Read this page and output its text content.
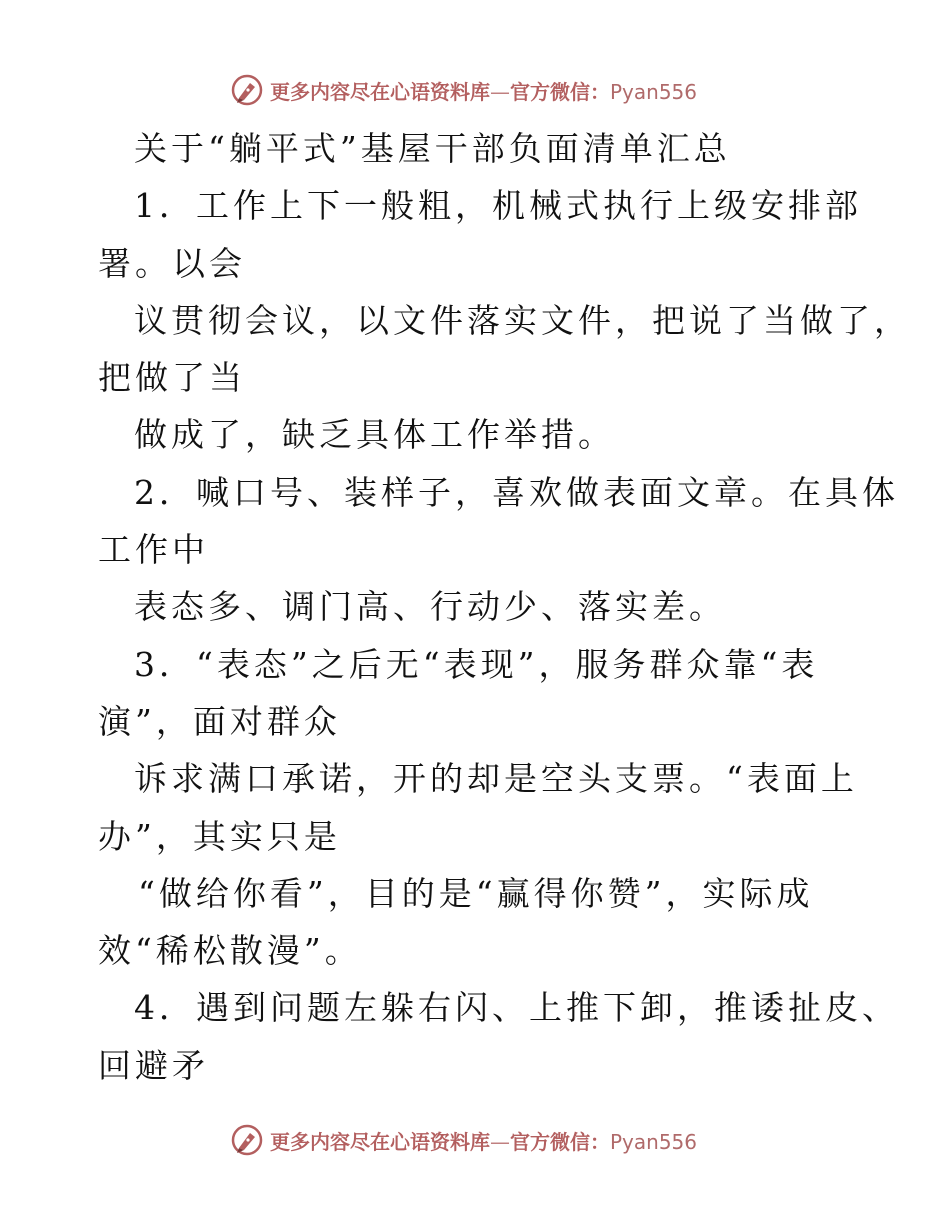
更多内容尽在心语资料库—官方微信：Pyan556
关于“躺平式”基屋干部负面清单汇总
1．工作上下一般粗，机械式执行上级安排部
署。以会
议贯彻会议，以文件落实文件，把说了当做了，
把做了当
做成了，缺乏具体工作举措。
2．喊口号、装样子，喜欢做表面文章。在具体
工作中
表态多、调门高、行动少、落实差。
3．“表态”之后无“表现”，服务群众靠“表
演”，面对群众
诉求满口承诺，开的却是空头支票。“表面上
办”，其实只是
“做给你看”，目的是“赢得你赞”，实际成
效“稀松散漫”。
4．遇到问题左躲右闪、上推下卸，推诿扯皮、
回避矛
更多内容尽在心语资料库—官方微信：Pyan556
